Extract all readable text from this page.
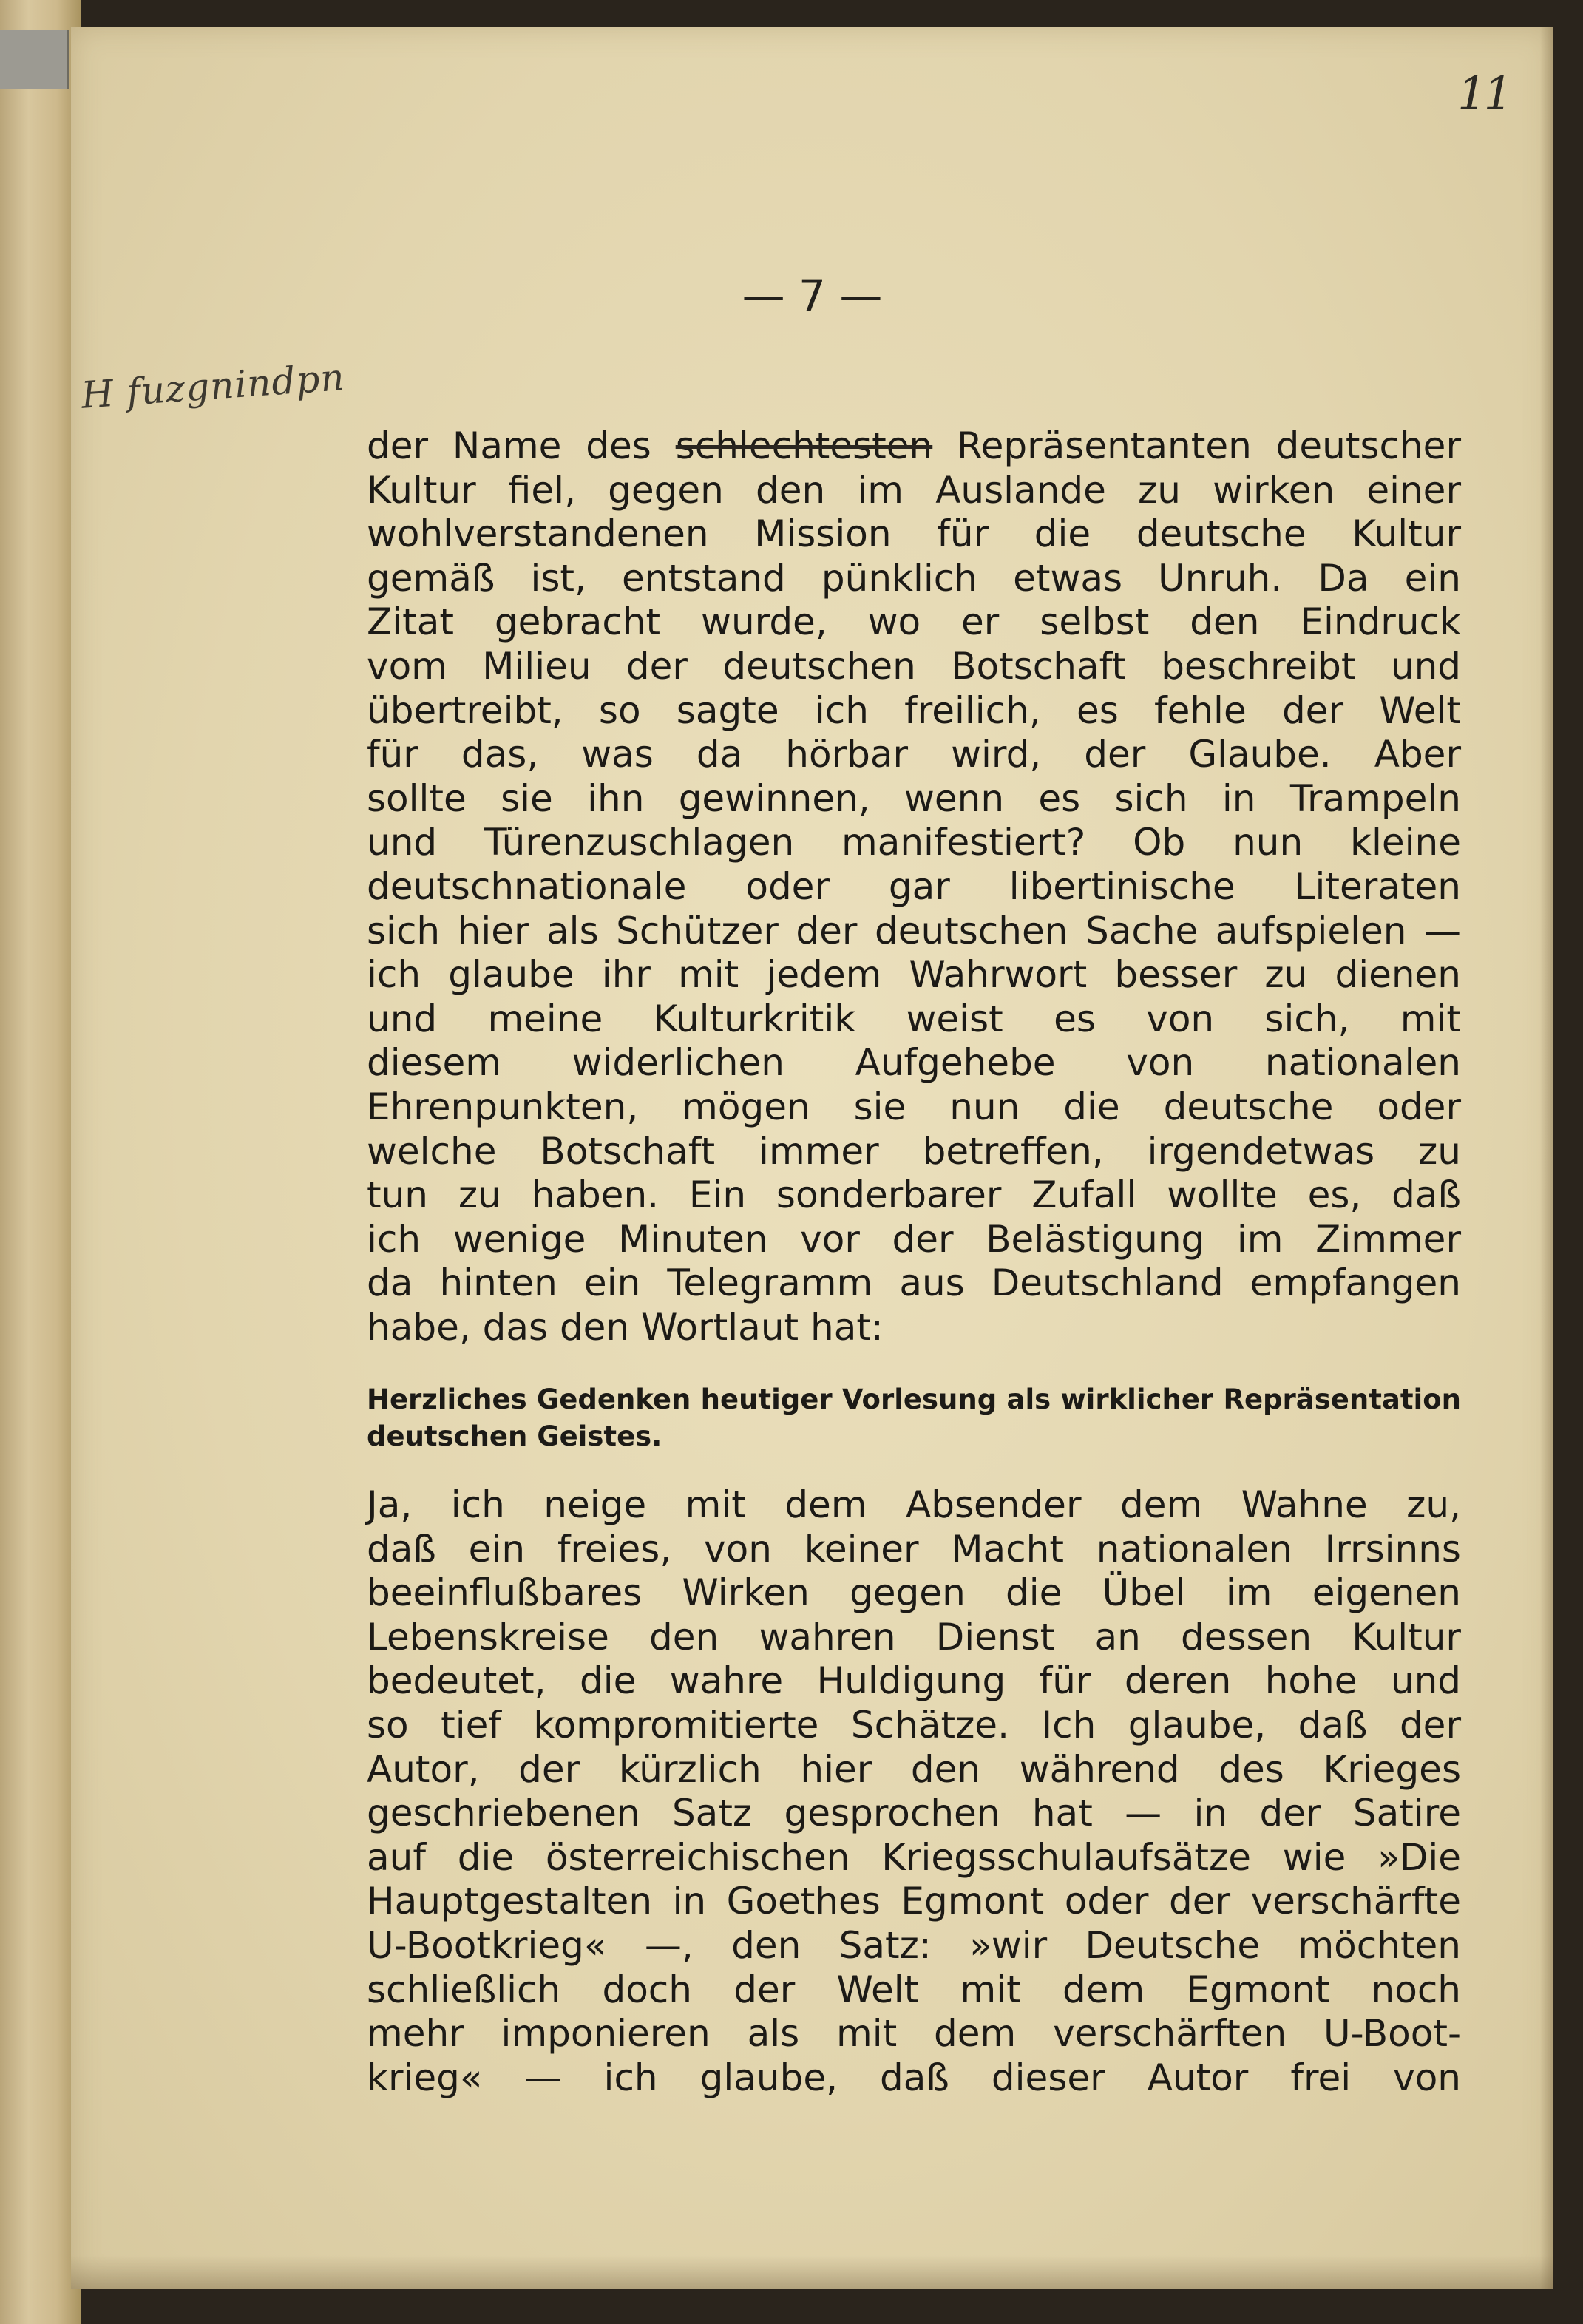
11
— 7 —
H fuzgnindpn
der Name des schlechtesten Repräsentanten deutscher
Kultur fiel, gegen den im Auslande zu wirken einer
wohlverstandenen Mission für die deutsche Kultur
gemäß ist, entstand pünklich etwas Unruh. Da ein
Zitat gebracht wurde, wo er selbst den Eindruck
vom Milieu der deutschen Botschaft beschreibt und
übertreibt, so sagte ich freilich, es fehle der Welt
für das, was da hörbar wird, der Glaube. Aber
sollte sie ihn gewinnen, wenn es sich in Trampeln
und Türenzuschlagen manifestiert? Ob nun kleine
deutschnationale oder gar libertinische Literaten
sich hier als Schützer der deutschen Sache aufspielen —
ich glaube ihr mit jedem Wahrwort besser zu dienen
und meine Kulturkritik weist es von sich, mit
diesem widerlichen Aufgehebe von nationalen
Ehrenpunkten, mögen sie nun die deutsche oder
welche Botschaft immer betreffen, irgendetwas zu
tun zu haben. Ein sonderbarer Zufall wollte es, daß
ich wenige Minuten vor der Belästigung im Zimmer
da hinten ein Telegramm aus Deutschland empfangen
habe, das den Wortlaut hat:
Herzliches Gedenken heutiger Vorlesung als wirklicher Repräsentation
deutschen Geistes.
Ja, ich neige mit dem Absender dem Wahne zu,
daß ein freies, von keiner Macht nationalen Irrsinns
beeinflußbares Wirken gegen die Übel im eigenen
Lebenskreise den wahren Dienst an dessen Kultur
bedeutet, die wahre Huldigung für deren hohe und
so tief kompromitierte Schätze. Ich glaube, daß der
Autor, der kürzlich hier den während des Krieges
geschriebenen Satz gesprochen hat — in der Satire
auf die österreichischen Kriegsschulaufsätze wie »Die
Hauptgestalten in Goethes Egmont oder der verschärfte
U-Bootkrieg« —, den Satz: »wir Deutsche möchten
schließlich doch der Welt mit dem Egmont noch
mehr imponieren als mit dem verschärften U-Boot-
krieg« — ich glaube, daß dieser Autor frei von
